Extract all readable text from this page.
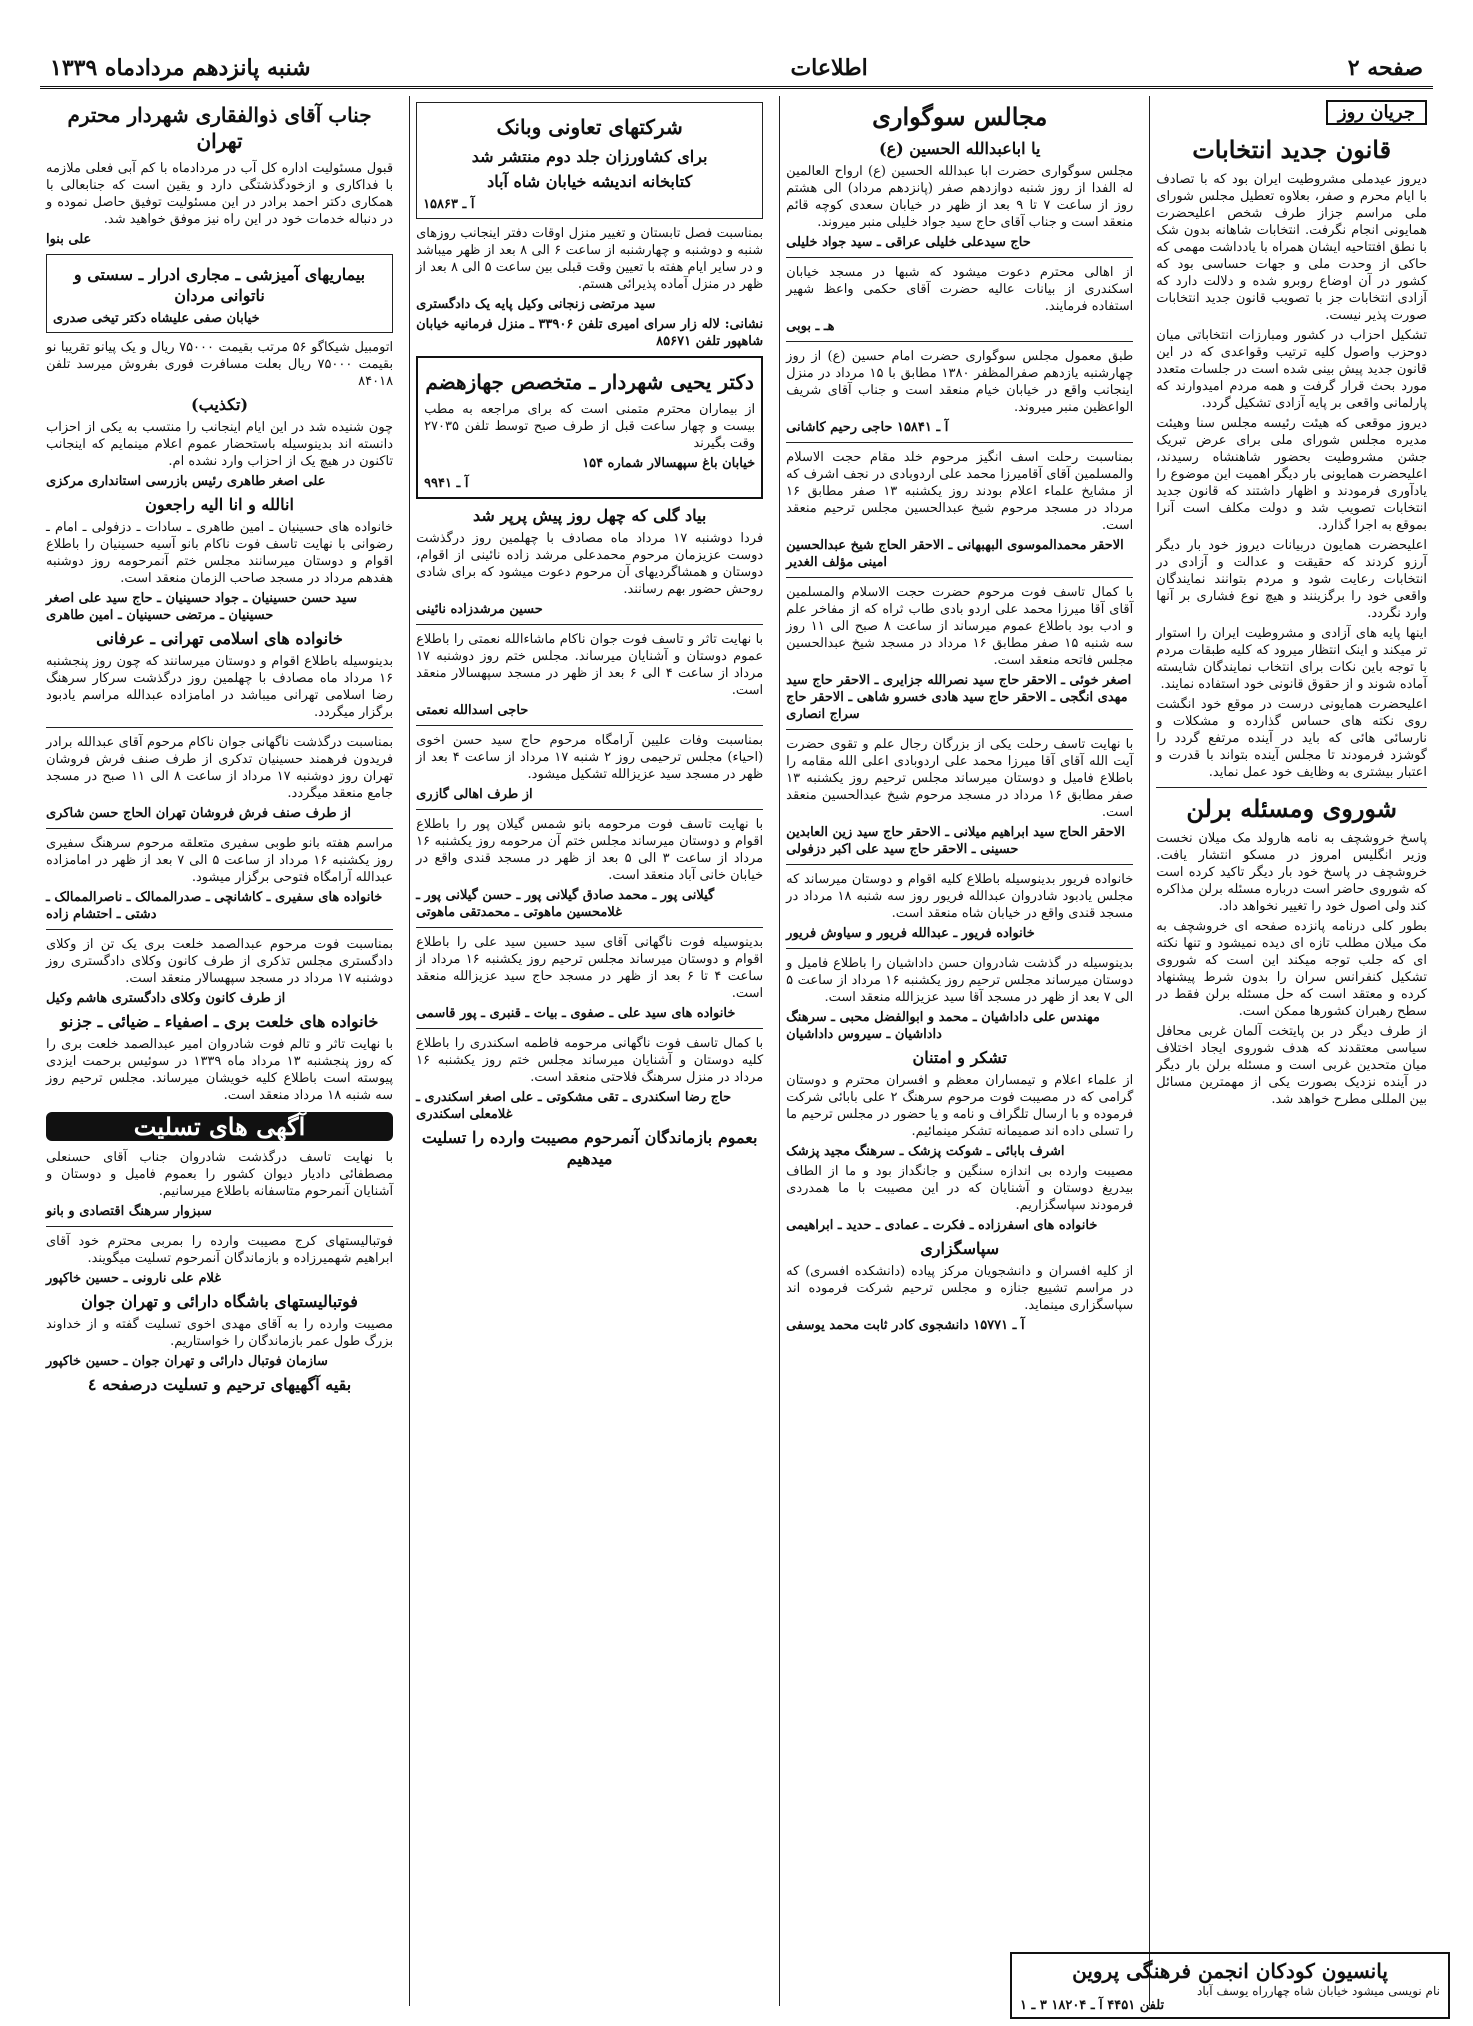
صفحه ۲
اطلاعات
شنبه پانزدهم مردادماه ۱۳۳۹
جریان روز
قانون جدید انتخابات

دیروز عیدملی مشروطیت ایران بود که با تصادف با ایام محرم و صفر، بعلاوه تعطیل مجلس شورای ملی مراسم جزاز طرف شخص اعلیحضرت همایونی انجام نگرفت. انتخابات شاهانه بدون شک با نطق افتتاحیه ایشان همراه با یادداشت مهمی که حاکی از وحدت ملی و جهات حساسی بود که کشور در آن اوضاع روبرو شده و دلالت دارد که آزادی انتخابات جز با تصویب قانون جدید انتخابات صورت پذیر نیست.

تشکیل احزاب در کشور ومبارزات انتخاباتی میان دوحزب واصول کلیه ترتیب وقواعدی که در این قانون جدید پیش بینی شده است در جلسات متعدد مورد بحث قرار گرفت و همه مردم امیدوارند که پارلمانی واقعی بر پایه آزادی تشکیل گردد.

دیروز موقعی که هیئت رئیسه مجلس سنا وهیئت مدیره مجلس شورای ملی برای عرض تبریک جشن مشروطیت بحضور شاهنشاه رسیدند، اعلیحضرت همایونی بار دیگر اهمیت این موضوع را یادآوری فرمودند و اظهار داشتند که قانون جدید انتخابات تصویب شد و دولت مکلف است آنرا بموقع به اجرا گذارد.

اعلیحضرت همایون دربیانات دیروز خود بار دیگر آرزو کردند که حقیقت و عدالت و آزادی در انتخابات رعایت شود و مردم بتوانند نمایندگان واقعی خود را برگزینند و هیچ نوع فشاری بر آنها وارد نگردد.

اینها پایه های آزادی و مشروطیت ایران را استوار تر میکند و اینک انتظار میرود که کلیه طبقات مردم با توجه باین نکات برای انتخاب نمایندگان شایسته آماده شوند و از حقوق قانونی خود استفاده نمایند.

اعلیحضرت همایونی درست در موقع خود انگشت روی نکته های حساس گذارده و مشکلات و نارسائی هائی که باید در آینده مرتفع گردد را گوشزد فرمودند تا مجلس آینده بتواند با قدرت و اعتبار بیشتری به وظایف خود عمل نماید.

شوروی ومسئله برلن

پاسخ خروشچف به نامه هارولد مک میلان نخست وزیر انگلیس امروز در مسکو انتشار یافت. خروشچف در پاسخ خود بار دیگر تاکید کرده است که شوروی حاضر است درباره مسئله برلن مذاکره کند ولی اصول خود را تغییر نخواهد داد.

بطور کلی درنامه پانزده صفحه ای خروشچف به مک میلان مطلب تازه ای دیده نمیشود و تنها نکته ای که جلب توجه میکند این است که شوروی تشکیل کنفرانس سران را بدون شرط پیشنهاد کرده و معتقد است که حل مسئله برلن فقط در سطح رهبران کشورها ممکن است.

از طرف دیگر در بن پایتخت آلمان غربی محافل سیاسی معتقدند که هدف شوروی ایجاد اختلاف میان متحدین غربی است و مسئله برلن بار دیگر در آینده نزدیک بصورت یکی از مهمترین مسائل بین المللی مطرح خواهد شد.

مجالس سوگواری
یا اباعبدالله الحسین (ع)

مجلس سوگواری حضرت ابا عبدالله الحسین (ع) ارواح العالمین له الفدا از روز شنبه دوازدهم صفر (پانزدهم مرداد) الی هشتم روز از ساعت ۷ تا ۹ بعد از ظهر در خیابان سعدی کوچه قائم منعقد است و جناب آقای حاج سید جواد خلیلی منبر میروند.

حاج سیدعلی خلیلی عراقی ـ سید جواد خلیلی

از اهالی محترم دعوت میشود که شبها در مسجد خیابان اسکندری از بیانات عالیه حضرت آقای حکمی واعظ شهیر استفاده فرمایند.

هـ ـ بوبی

طبق معمول مجلس سوگواری حضرت امام حسین (ع) از روز چهارشنبه یازدهم صفرالمظفر ۱۳۸۰ مطابق با ۱۵ مرداد در منزل اینجانب واقع در خیابان خیام منعقد است و جناب آقای شریف الواعظین منبر میروند.

آ ـ ۱۵۸۴۱ حاجی رحیم کاشانی

بمناسبت رحلت اسف انگیز مرحوم خلد مقام حجت الاسلام والمسلمین آقای آقامیرزا محمد علی اردوبادی در نجف اشرف که از مشایخ علماء اعلام بودند روز یکشنبه ۱۳ صفر مطابق ۱۶ مرداد در مسجد مرحوم شیخ عبدالحسین مجلس ترحیم منعقد است.

الاحقر محمدالموسوی البهبهانی ـ الاحقر الحاج شیخ عبدالحسین امینی مؤلف الغدیر

با کمال تاسف فوت مرحوم حضرت حجت الاسلام والمسلمین آقای آقا میرزا محمد علی اردو بادی طاب ثراه که از مفاخر علم و ادب بود باطلاع عموم میرساند از ساعت ۸ صبح الی ۱۱ روز سه شنبه ۱۵ صفر مطابق ۱۶ مرداد در مسجد شیخ عبدالحسین مجلس فاتحه منعقد است.

اصغر خوئی ـ الاحقر حاج سید نصرالله جزایری ـ الاحقر حاج سید مهدی انگجی ـ الاحقر حاج سید هادی خسرو شاهی ـ الاحقر حاج سراج انصاری

با نهایت تاسف رحلت یکی از بزرگان رجال علم و تقوی حضرت آیت الله آقای آقا میرزا محمد علی اردوبادی اعلی الله مقامه را باطلاع فامیل و دوستان میرساند مجلس ترحیم روز یکشنبه ۱۳ صفر مطابق ۱۶ مرداد در مسجد مرحوم شیخ عبدالحسین منعقد است.

الاحقر الحاج سید ابراهیم میلانی ـ الاحقر حاج سید زین العابدین حسینی ـ الاحقر حاج سید علی اکبر دزفولی

خانواده فریور بدینوسیله باطلاع کلیه اقوام و دوستان میرساند که مجلس یادبود شادروان عبدالله فریور روز سه شنبه ۱۸ مرداد در مسجد قندی واقع در خیابان شاه منعقد است.

خانواده فریور ـ عبدالله فریور و سیاوش فریور

بدینوسیله در گذشت شادروان حسن داداشیان را باطلاع فامیل و دوستان میرساند مجلس ترحیم روز یکشنبه ۱۶ مرداد از ساعت ۵ الی ۷ بعد از ظهر در مسجد آقا سید عزیزالله منعقد است.

مهندس علی داداشیان ـ محمد و ابوالفضل محبی ـ سرهنگ داداشیان ـ سیروس داداشیان
تشکر و امتنان

از علماء اعلام و تیمساران معظم و افسران محترم و دوستان گرامی که در مصیبت فوت مرحوم سرهنگ ۲ علی بابائی شرکت فرموده و با ارسال تلگراف و نامه و یا حضور در مجلس ترحیم ما را تسلی داده اند صمیمانه تشکر مینمائیم.

اشرف بابائی ـ شوکت پزشک ـ سرهنگ مجید پزشک

مصیبت وارده بی اندازه سنگین و جانگداز بود و ما از الطاف بیدریغ دوستان و آشنایان که در این مصیبت با ما همدردی فرمودند سپاسگزاریم.

خانواده های اسفرزاده ـ فکرت ـ عمادی ـ حدید ـ ابراهیمی
سپاسگزاری

از کلیه افسران و دانشجویان مرکز پیاده (دانشکده افسری) که در مراسم تشییع جنازه و مجلس ترحیم شرکت فرموده اند سپاسگزاری مینماید.

آ ـ ۱۵۷۷۱ دانشجوی کادر ثابت محمد یوسفی
شرکتهای تعاونی وبانک
برای کشاورزان جلد دوم منتشر شد
کتابخانه اندیشه خیابان شاه آباد
آ ـ ۱۵۸۶۳

بمناسبت فصل تابستان و تغییر منزل اوقات دفتر اینجانب روزهای شنبه و دوشنبه و چهارشنبه از ساعت ۶ الی ۸ بعد از ظهر میباشد و در سایر ایام هفته با تعیین وقت قبلی بین ساعت ۵ الی ۸ بعد از ظهر در منزل آماده پذیرائی هستم.

سید مرتضی زنجانی وکیل پایه یک دادگستری

نشانی: لاله زار سرای امیری تلفن ۳۳۹۰۶ ـ منزل فرمانیه خیابان شاهپور تلفن ۸۵۶۷۱

دکتر یحیی شهردار ـ متخصص جهازهضم

از بیماران محترم متمنی است که برای مراجعه به مطب بیست و چهار ساعت قبل از طرف صبح توسط تلفن ۲۷۰۳۵ وقت بگیرند

خیابان باغ سپهسالار شماره ۱۵۴

آ ـ ۹۹۴۱
بیاد گلی که چهل روز پیش پرپر شد

فردا دوشنبه ۱۷ مرداد ماه مصادف با چهلمین روز درگذشت دوست عزیزمان مرحوم محمدعلی مرشد زاده نائینی از اقوام، دوستان و همشاگردیهای آن مرحوم دعوت میشود که برای شادی روحش حضور بهم رسانند.

حسین مرشدزاده نائینی

با نهایت تاثر و تاسف فوت جوان ناکام ماشاءالله نعمتی را باطلاع عموم دوستان و آشنایان میرساند. مجلس ختم روز دوشنبه ۱۷ مرداد از ساعت ۴ الی ۶ بعد از ظهر در مسجد سپهسالار منعقد است.

حاجی اسدالله نعمتی

بمناسبت وفات علیین آرامگاه مرحوم حاج سید حسن اخوی (احیاء) مجلس ترحیمی روز ۲ شنبه ۱۷ مرداد از ساعت ۴ بعد از ظهر در مسجد سید عزیزالله تشکیل میشود.

از طرف اهالی گازری

با نهایت تاسف فوت مرحومه بانو شمس گیلان پور را باطلاع اقوام و دوستان میرساند مجلس ختم آن مرحومه روز یکشنبه ۱۶ مرداد از ساعت ۳ الی ۵ بعد از ظهر در مسجد قندی واقع در خیابان خانی آباد منعقد است.

گیلانی پور ـ محمد صادق گیلانی پور ـ حسن گیلانی پور ـ غلامحسین ماهوتی ـ محمدتقی ماهوتی

بدینوسیله فوت ناگهانی آقای سید حسین سید علی را باطلاع اقوام و دوستان میرساند مجلس ترحیم روز یکشنبه ۱۶ مرداد از ساعت ۴ تا ۶ بعد از ظهر در مسجد حاج سید عزیزالله منعقد است.

خانواده های سید علی ـ صفوی ـ بیات ـ قنبری ـ پور قاسمی

با کمال تاسف فوت ناگهانی مرحومه فاطمه اسکندری را باطلاع کلیه دوستان و آشنایان میرساند مجلس ختم روز یکشنبه ۱۶ مرداد در منزل سرهنگ فلاحتی منعقد است.

حاج رضا اسکندری ـ تقی مشکوتی ـ علی اصغر اسکندری ـ غلامعلی اسکندری
بعموم بازماندگان آنمرحوم مصیبت وارده را تسلیت میدهیم
جناب آقای ذوالفقاری شهردار محترم تهران

قبول مسئولیت اداره کل آب در مردادماه با کم آبی فعلی ملازمه با فداکاری و ازخودگذشتگی دارد و یقین است که جنابعالی با همکاری دکتر احمد برادر در این مسئولیت توفیق حاصل نموده و در دنباله خدمات خود در این راه نیز موفق خواهید شد.

علی بنوا
بیماریهای آمیزشی ـ مجاری ادرار ـ سستی و ناتوانی مردان
خیابان صفی علیشاه دکتر تیخی صدری

اتومبیل شیکاگو ۵۶ مرتب بقیمت ۷۵۰۰۰ ریال و یک پیانو تقریبا نو بقیمت ۷۵۰۰۰ ریال بعلت مسافرت فوری بفروش میرسد تلفن ۸۴۰۱۸

(تکذیب)

چون شنیده شد در این ایام اینجانب را منتسب به یکی از احزاب دانسته اند بدینوسیله باستحضار عموم اعلام مینمایم که اینجانب تاکنون در هیچ یک از احزاب وارد نشده ام.

علی اصغر طاهری رئیس بازرسی استانداری مرکزی
انالله و انا الیه راجعون

خانواده های حسینیان ـ امین طاهری ـ سادات ـ دزفولی ـ امام ـ رضوانی با نهایت تاسف فوت ناکام بانو آسیه حسینیان را باطلاع اقوام و دوستان میرسانند مجلس ختم آنمرحومه روز دوشنبه هفدهم مرداد در مسجد صاحب الزمان منعقد است.

سید حسن حسینیان ـ جواد حسینیان ـ حاج سید علی اصغر حسینیان ـ مرتضی حسینیان ـ امین طاهری
خانواده های اسلامی تهرانی ـ عرفانی

بدینوسیله باطلاع اقوام و دوستان میرسانند که چون روز پنجشنبه ۱۶ مرداد ماه مصادف با چهلمین روز درگذشت سرکار سرهنگ رضا اسلامی تهرانی میباشد در امامزاده عبدالله مراسم یادبود برگزار میگردد.

بمناسبت درگذشت ناگهانی جوان ناکام مرحوم آقای عبدالله برادر فریدون فرهمند حسینیان تدکری از طرف صنف فرش فروشان تهران روز دوشنبه ۱۷ مرداد از ساعت ۸ الی ۱۱ صبح در مسجد جامع منعقد میگردد.

از طرف صنف فرش فروشان تهران الحاج حسن شاکری

مراسم هفته بانو طوبی سفیری متعلقه مرحوم سرهنگ سفیری روز یکشنبه ۱۶ مرداد از ساعت ۵ الی ۷ بعد از ظهر در امامزاده عبدالله آرامگاه فتوحی برگزار میشود.

خانواده های سفیری ـ کاشانچی ـ صدرالممالک ـ ناصرالممالک ـ دشتی ـ احتشام زاده

بمناسبت فوت مرحوم عبدالصمد خلعت بری یک تن از وکلای دادگستری مجلس تذکری از طرف کانون وکلای دادگستری روز دوشنبه ۱۷ مرداد در مسجد سپهسالار منعقد است.

از طرف کانون وکلای دادگستری هاشم وکیل
خانواده های خلعت بری ـ اصفیاء ـ ضیائی ـ جزنو

با نهایت تاثر و تالم فوت شادروان امیر عبدالصمد خلعت بری را که روز پنجشنبه ۱۳ مرداد ماه ۱۳۳۹ در سوئیس برحمت ایزدی پیوسته است باطلاع کلیه خویشان میرساند. مجلس ترحیم روز سه شنبه ۱۸ مرداد منعقد است.

آگهی های تسلیت

با نهایت تاسف درگذشت شادروان جناب آقای حسنعلی مصطفائی دادیار دیوان کشور را بعموم فامیل و دوستان و آشنایان آنمرحوم متاسفانه باطلاع میرسانیم.

سبزوار سرهنگ اقتصادی و بانو

فوتبالیستهای کرج مصیبت وارده را بمربی محترم خود آقای ابراهیم شهمیرزاده و بازماندگان آنمرحوم تسلیت میگویند.

غلام علی نارونی ـ حسین خاکپور
فوتبالیستهای باشگاه دارائی و تهران جوان

مصیبت وارده را به آقای مهدی اخوی تسلیت گفته و از خداوند بزرگ طول عمر بازماندگان را خواستاریم.

سازمان فوتبال دارائی و تهران جوان ـ حسین خاکپور
بقیه آگهیهای ترحیم و تسلیت درصفحه ٤
پانسیون کودکان انجمن فرهنگی پروین
نام نویسی میشود خیابان شاه چهارراه یوسف آباد
تلفن ۴۴۵۱ آ ـ ۱۸۲۰۴ ۳ ـ ۱
